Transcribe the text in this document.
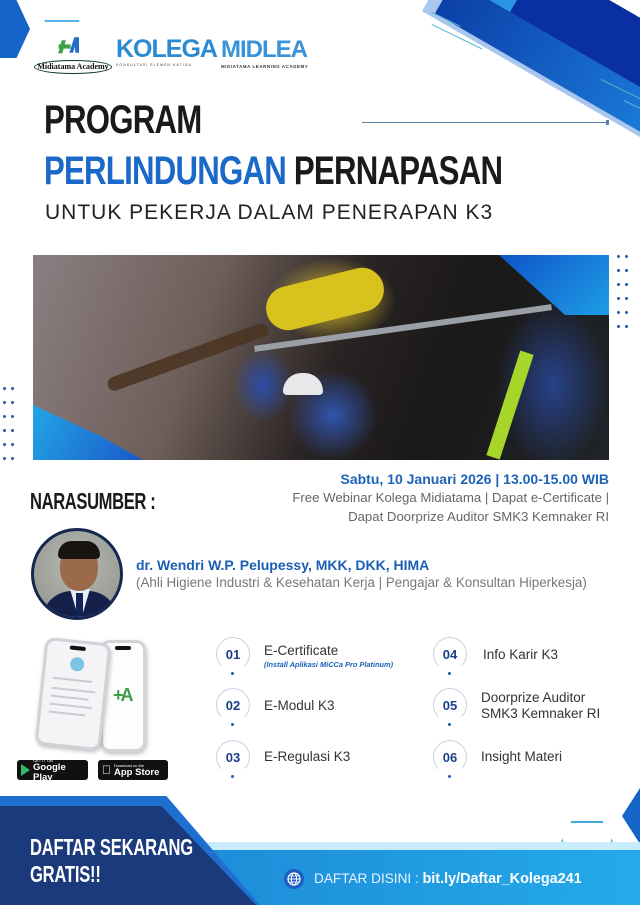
Midiatama Academy
KOLEGA
KONSULTASI ELEMEN KATIGA
MIDLEA
MIDIATAMA LEARNING ACADEMY
PROGRAM
PERLINDUNGAN PERNAPASAN
UNTUK PEKERJA DALAM PENERAPAN K3
Sabtu, 10 Januari 2026 | 13.00-15.00 WIB
Free Webinar Kolega Midiatama | Dapat e-Certificate |
Dapat Doorprize Auditor SMK3 Kemnaker RI
NARASUMBER :
dr. Wendri W.P. Pelupessy, MKK, DKK, HIMA
(Ahli Higiene Industri & Kesehatan Kerja | Pengajar & Konsultan Hiperkesja)
+A
GET IT ON
Google Play
Download on the
App Store
01	E-Certificate
(Install Aplikasi MiCCa Pro Platinum)
02	E-Modul K3
03	E-Regulasi K3
04	Info Karir K3
05	Doorprize Auditor
SMK3 Kemnaker RI
06	Insight Materi
DAFTAR SEKARANG
GRATIS!!	DAFTAR DISINI : bit.ly/Daftar_Kolega241
